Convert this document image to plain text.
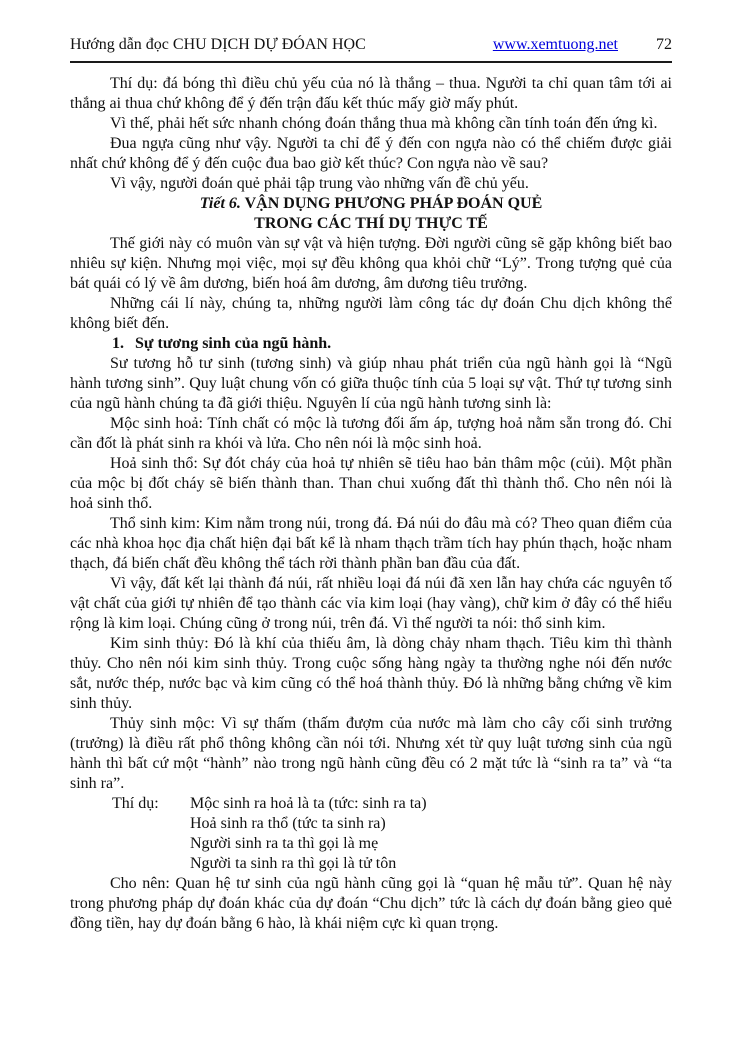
Hướng dẫn đọc CHU DỊCH DỰ ĐÓAN HỌC	www.xemtuong.net 72

Thí dụ: đá bóng thì điều chủ yếu của nó là thắng – thua. Người ta chỉ quan tâm tới ai thắng ai thua chứ không để ý đến trận đấu kết thúc mấy giờ mấy phút.

Vì thế, phải hết sức nhanh chóng đoán thắng thua mà không cần tính toán đến ứng kì.

Đua ngựa cũng như vậy. Người ta chỉ để ý đến con ngựa nào có thể chiếm được giải nhất chứ không để ý đến cuộc đua bao giờ kết thúc? Con ngựa nào về sau?

Vì vậy, người đoán quẻ phải tập trung vào những vấn đề chủ yếu.

Tiết 6. VẬN DỤNG PHƯƠNG PHÁP ĐOÁN QUẺ
TRONG CÁC THÍ DỤ THỰC TẾ

Thế giới này có muôn vàn sự vật và hiện tượng. Đời người cũng sẽ gặp không biết bao nhiêu sự kiện. Nhưng mọi việc, mọi sự đều không qua khỏi chữ “Lý”. Trong tượng quẻ của bát quái có lý về âm dương, biến hoá âm dương, âm dương tiêu trưởng.

Những cái lí này, chúng ta, những người làm công tác dự đoán Chu dịch không thể không biết đến.

1. Sự tương sinh của ngũ hành.

Sư tương hỗ tư sinh (tương sinh) và giúp nhau phát triển của ngũ hành gọi là “Ngũ hành tương sinh”. Quy luật chung vốn có giữa thuộc tính của 5 loại sự vật. Thứ tự tương sinh của ngũ hành chúng ta đã giới thiệu. Nguyên lí của ngũ hành tương sinh là:

Mộc sinh hoả: Tính chất có mộc là tương đối ấm áp, tượng hoả nằm sẵn trong đó. Chỉ cần đốt là phát sinh ra khói và lửa. Cho nên nói là mộc sinh hoả.

Hoả sinh thổ: Sự đót cháy của hoả tự nhiên sẽ tiêu hao bản thâm mộc (củi). Một phần của mộc bị đốt cháy sẽ biến thành than. Than chui xuống đất thì thành thổ. Cho nên nói là hoả sinh thổ.

Thổ sinh kim: Kim nằm trong núi, trong đá. Đá núi do đâu mà có? Theo quan điểm của các nhà khoa học địa chất hiện đại bất kể là nham thạch trầm tích hay phún thạch, hoặc nham thạch, đá biến chất đều không thể tách rời thành phần ban đầu của đất.

Vì vậy, đất kết lại thành đá núi, rất nhiều loại đá núi đã xen lẫn hay chứa các nguyên tố vật chất của giới tự nhiên để tạo thành các vỉa kim loại (hay vàng), chữ kim ở đây có thể hiểu rộng là kim loại. Chúng cũng ở trong núi, trên đá. Vì thế người ta nói: thổ sinh kim.

Kim sinh thủy: Đó là khí của thiếu âm, là dòng chảy nham thạch. Tiêu kim thì thành thủy. Cho nên nói kim sinh thủy. Trong cuộc sống hàng ngày ta thường nghe nói đến nước sắt, nước thép, nước bạc và kim cũng có thể hoá thành thủy. Đó là những bằng chứng về kim sinh thủy.

Thủy sinh mộc: Vì sự thấm (thấm đượm của nước mà làm cho cây cối sinh trưởng (trưởng) là điều rất phổ thông không cần nói tới. Nhưng xét từ quy luật tương sinh của ngũ hành thì bất cứ một “hành” nào trong ngũ hành cũng đều có 2 mặt tức là “sinh ra ta” và “ta sinh ra”.

Thí dụ:	Mộc sinh ra hoả là ta (tức: sinh ra ta)
Hoả sinh ra thổ (tức ta sinh ra)
Người sinh ra ta thì gọi là mẹ
Người ta sinh ra thì gọi là tử tôn

Cho nên: Quan hệ tư sinh của ngũ hành cũng gọi là “quan hệ mẫu tử”. Quan hệ này trong phương pháp dự đoán khác của dự đoán “Chu dịch” tức là cách dự đoán bằng gieo quẻ đồng tiền, hay dự đoán bằng 6 hào, là khái niệm cực kì quan trọng.
